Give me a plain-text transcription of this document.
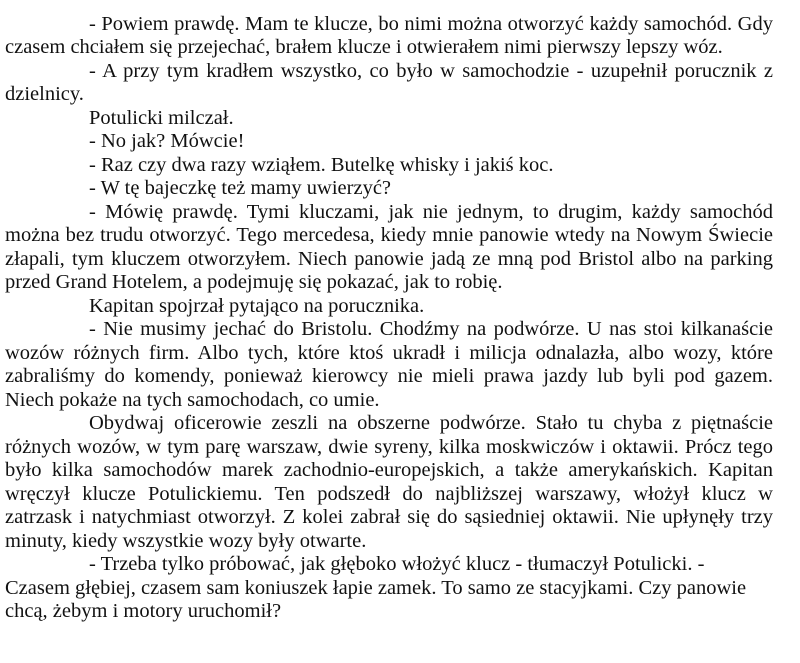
- Powiem prawdę. Mam te klucze, bo nimi można otworzyć każdy samochód. Gdy czasem chciałem się przejechać, brałem klucze i otwierałem nimi pierwszy lepszy wóz.

- A przy tym kradłem wszystko, co było w samochodzie - uzupełnił porucznik z dzielnicy.

Potulicki milczał.

- No jak? Mówcie!

- Raz czy dwa razy wziąłem. Butelkę whisky i jakiś koc.

- W tę bajeczkę też mamy uwierzyć?

- Mówię prawdę. Tymi kluczami, jak nie jednym, to drugim, każdy samochód można bez trudu otworzyć. Tego mercedesa, kiedy mnie panowie wtedy na Nowym Świecie złapali, tym kluczem otworzyłem. Niech panowie jadą ze mną pod Bristol albo na parking przed Grand Hotelem, a podejmuję się pokazać, jak to robię.

Kapitan spojrzał pytająco na porucznika.

- Nie musimy jechać do Bristolu. Chodźmy na podwórze. U nas stoi kilkanaście wozów różnych firm. Albo tych, które ktoś ukradł i milicja odnalazła, albo wozy, które zabraliśmy do komendy, ponieważ kierowcy nie mieli prawa jazdy lub byli pod gazem. Niech pokaże na tych samochodach, co umie.

Obydwaj oficerowie zeszli na obszerne podwórze. Stało tu chyba z piętnaście różnych wozów, w tym parę warszaw, dwie syreny, kilka moskwiczów i oktawii. Prócz tego było kilka samochodów marek zachodnio-europejskich, a także amerykańskich. Kapitan wręczył klucze Potulickiemu. Ten podszedł do najbliższej warszawy, włożył klucz w zatrzask i natychmiast otworzył. Z kolei zabrał się do sąsiedniej oktawii. Nie upłynęły trzy minuty, kiedy wszystkie wozy były otwarte.

- Trzeba tylko próbować, jak głęboko włożyć klucz - tłumaczył Potulicki. - Czasem głębiej, czasem sam koniuszek łapie zamek. To samo ze stacyjkami. Czy panowie chcą, żebym i motory uruchomił?
